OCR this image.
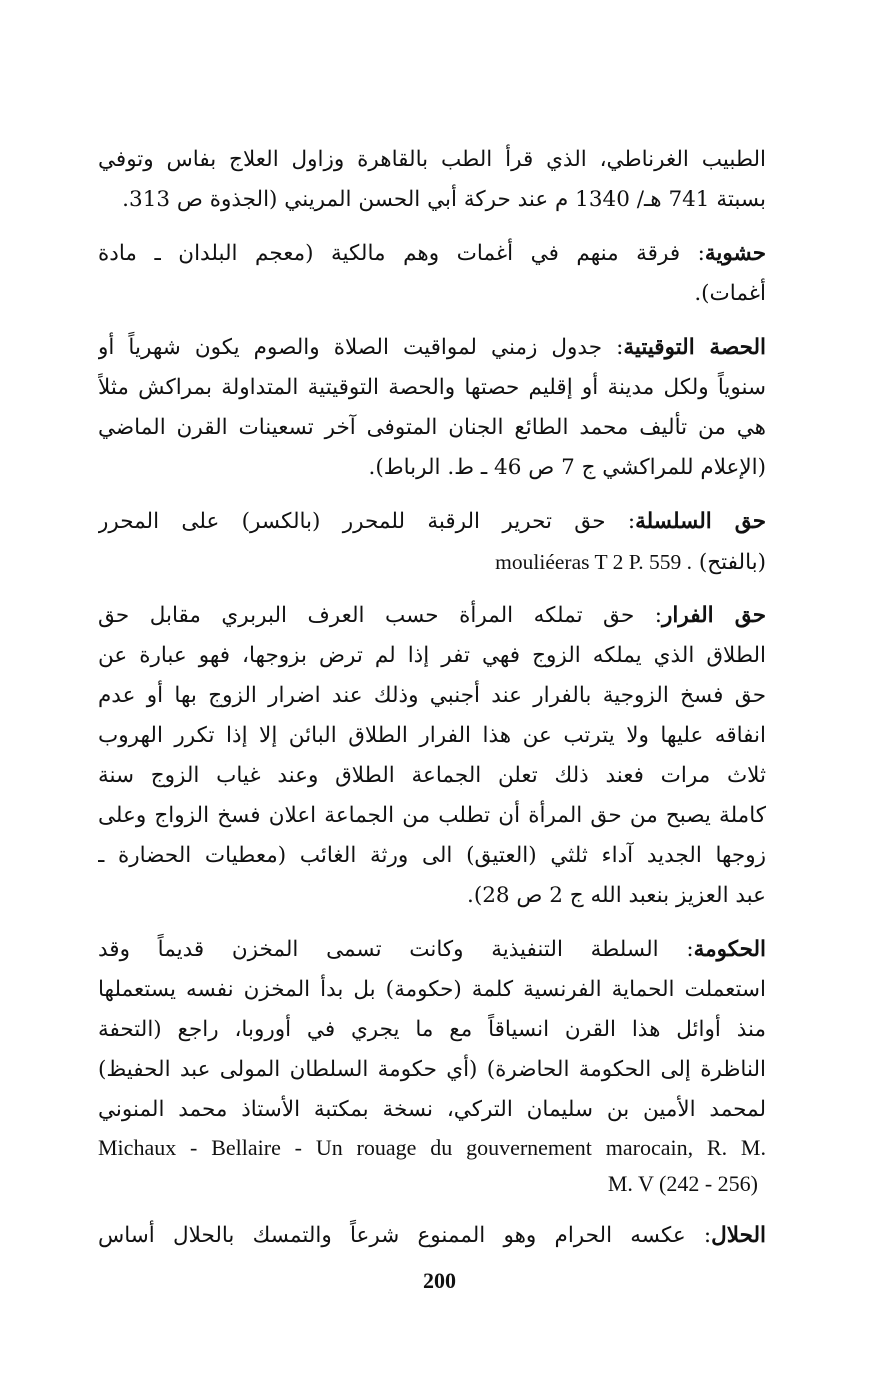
الطبيب الغرناطي، الذي قرأ الطب بالقاهرة وزاول العلاج بفاس وتوفي
بسبتة 741 هـ/ 1340 م عند حركة أبي الحسن المريني (الجذوة ص 313.
حشوية: فرقة منهم في أغمات وهم مالكية (معجم البلدان ـ مادة
أغمات).
الحصة التوقيتية: جدول زمني لمواقيت الصلاة والصوم يكون شهرياً أو
سنوياً ولكل مدينة أو إقليم حصتها والحصة التوقيتية المتداولة بمراكش مثلاً
هي من تأليف محمد الطائع الجنان المتوفى آخر تسعينات القرن الماضي
(الإعلام للمراكشي ج 7 ص 46 ـ ط. الرباط).
حق السلسلة: حق تحرير الرقبة للمحرر (بالكسر) على المحرر
(بالفتح) mouliéeras T 2 P. 559 .
حق الفرار: حق تملكه المرأة حسب العرف البربري مقابل حق
الطلاق الذي يملكه الزوج فهي تفر إذا لم ترض بزوجها، فهو عبارة عن
حق فسخ الزوجية بالفرار عند أجنبي وذلك عند اضرار الزوج بها أو عدم
انفاقه عليها ولا يترتب عن هذا الفرار الطلاق البائن إلا إذا تكرر الهروب
ثلاث مرات فعند ذلك تعلن الجماعة الطلاق وعند غياب الزوج سنة
كاملة يصبح من حق المرأة أن تطلب من الجماعة اعلان فسخ الزواج وعلى
زوجها الجديد آداء ثلثي (العتيق) الى ورثة الغائب (معطيات الحضارة ـ
عبد العزيز بنعبد الله ج 2 ص 28).
الحكومة: السلطة التنفيذية وكانت تسمى المخزن قديماً وقد
استعملت الحماية الفرنسية كلمة (حكومة) بل بدأ المخزن نفسه يستعملها
منذ أوائل هذا القرن انسياقاً مع ما يجري في أوروبا، راجع (التحفة
الناظرة إلى الحكومة الحاضرة) (أي حكومة السلطان المولى عبد الحفيظ)
لمحمد الأمين بن سليمان التركي، نسخة بمكتبة الأستاذ محمد المنوني
Michaux - Bellaire - Un rouage du gouvernement marocain, R. M.
M. V (242 - 256)
الحلال: عكسه الحرام وهو الممنوع شرعاً والتمسك بالحلال أساس
200
